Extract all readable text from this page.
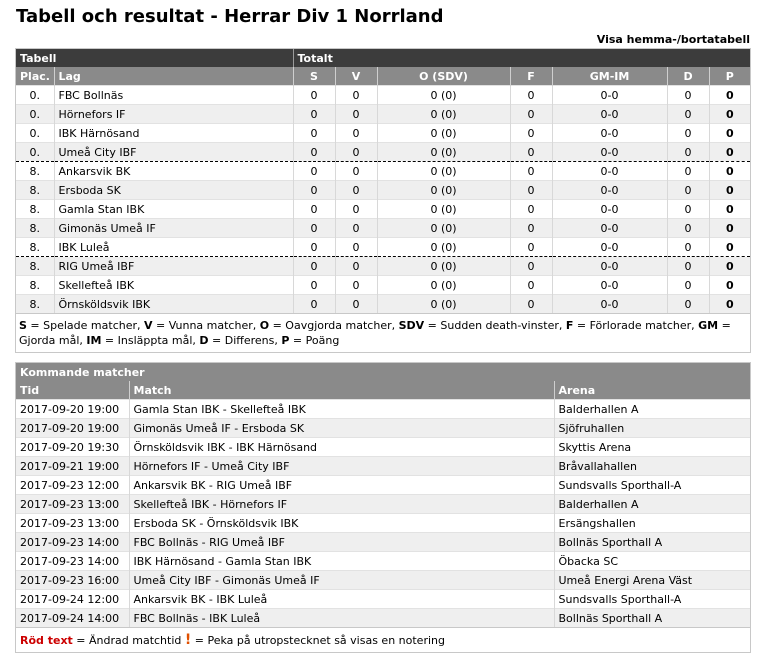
Tabell och resultat - Herrar Div 1 Norrland
Visa hemma-/bortatabell
Tabell		Totalt						
Plac.	Lag	S	V	O (SDV)	F	GM-IM	D	P
0.	FBC Bollnäs	0	0	0 (0)	0	0-0	0	0
0.	Hörnefors IF	0	0	0 (0)	0	0-0	0	0
0.	IBK Härnösand	0	0	0 (0)	0	0-0	0	0
0.	Umeå City IBF	0	0	0 (0)	0	0-0	0	0
8.	Ankarsvik BK	0	0	0 (0)	0	0-0	0	0
8.	Ersboda SK	0	0	0 (0)	0	0-0	0	0
8.	Gamla Stan IBK	0	0	0 (0)	0	0-0	0	0
8.	Gimonäs Umeå IF	0	0	0 (0)	0	0-0	0	0
8.	IBK Luleå	0	0	0 (0)	0	0-0	0	0
8.	RIG Umeå IBF	0	0	0 (0)	0	0-0	0	0
8.	Skellefteå IBK	0	0	0 (0)	0	0-0	0	0
8.	Örnsköldsvik IBK	0	0	0 (0)	0	0-0	0	0
S = Spelade matcher, V = Vunna matcher, O = Oavgjorda matcher, SDV = Sudden death-vinster, F = Förlorade matcher, GM = Gjorda mål, IM = Insläppta mål, D = Differens, P = Poäng
Kommande matcher		
Tid	Match	Arena
2017-09-20 19:00	Gamla Stan IBK - Skellefteå IBK	Balderhallen A
2017-09-20 19:00	Gimonäs Umeå IF - Ersboda SK	Sjöfruhallen
2017-09-20 19:30	Örnsköldsvik IBK - IBK Härnösand	Skyttis Arena
2017-09-21 19:00	Hörnefors IF - Umeå City IBF	Bråvallahallen
2017-09-23 12:00	Ankarsvik BK - RIG Umeå IBF	Sundsvalls Sporthall-A
2017-09-23 13:00	Skellefteå IBK - Hörnefors IF	Balderhallen A
2017-09-23 13:00	Ersboda SK - Örnsköldsvik IBK	Ersängshallen
2017-09-23 14:00	FBC Bollnäs - RIG Umeå IBF	Bollnäs Sporthall A
2017-09-23 14:00	IBK Härnösand - Gamla Stan IBK	Öbacka SC
2017-09-23 16:00	Umeå City IBF - Gimonäs Umeå IF	Umeå Energi Arena Väst
2017-09-24 12:00	Ankarsvik BK - IBK Luleå	Sundsvalls Sporthall-A
2017-09-24 14:00	FBC Bollnäs - IBK Luleå	Bollnäs Sporthall A
Röd text = Ändrad matchtid ! = Peka på utropstecknet så visas en notering
